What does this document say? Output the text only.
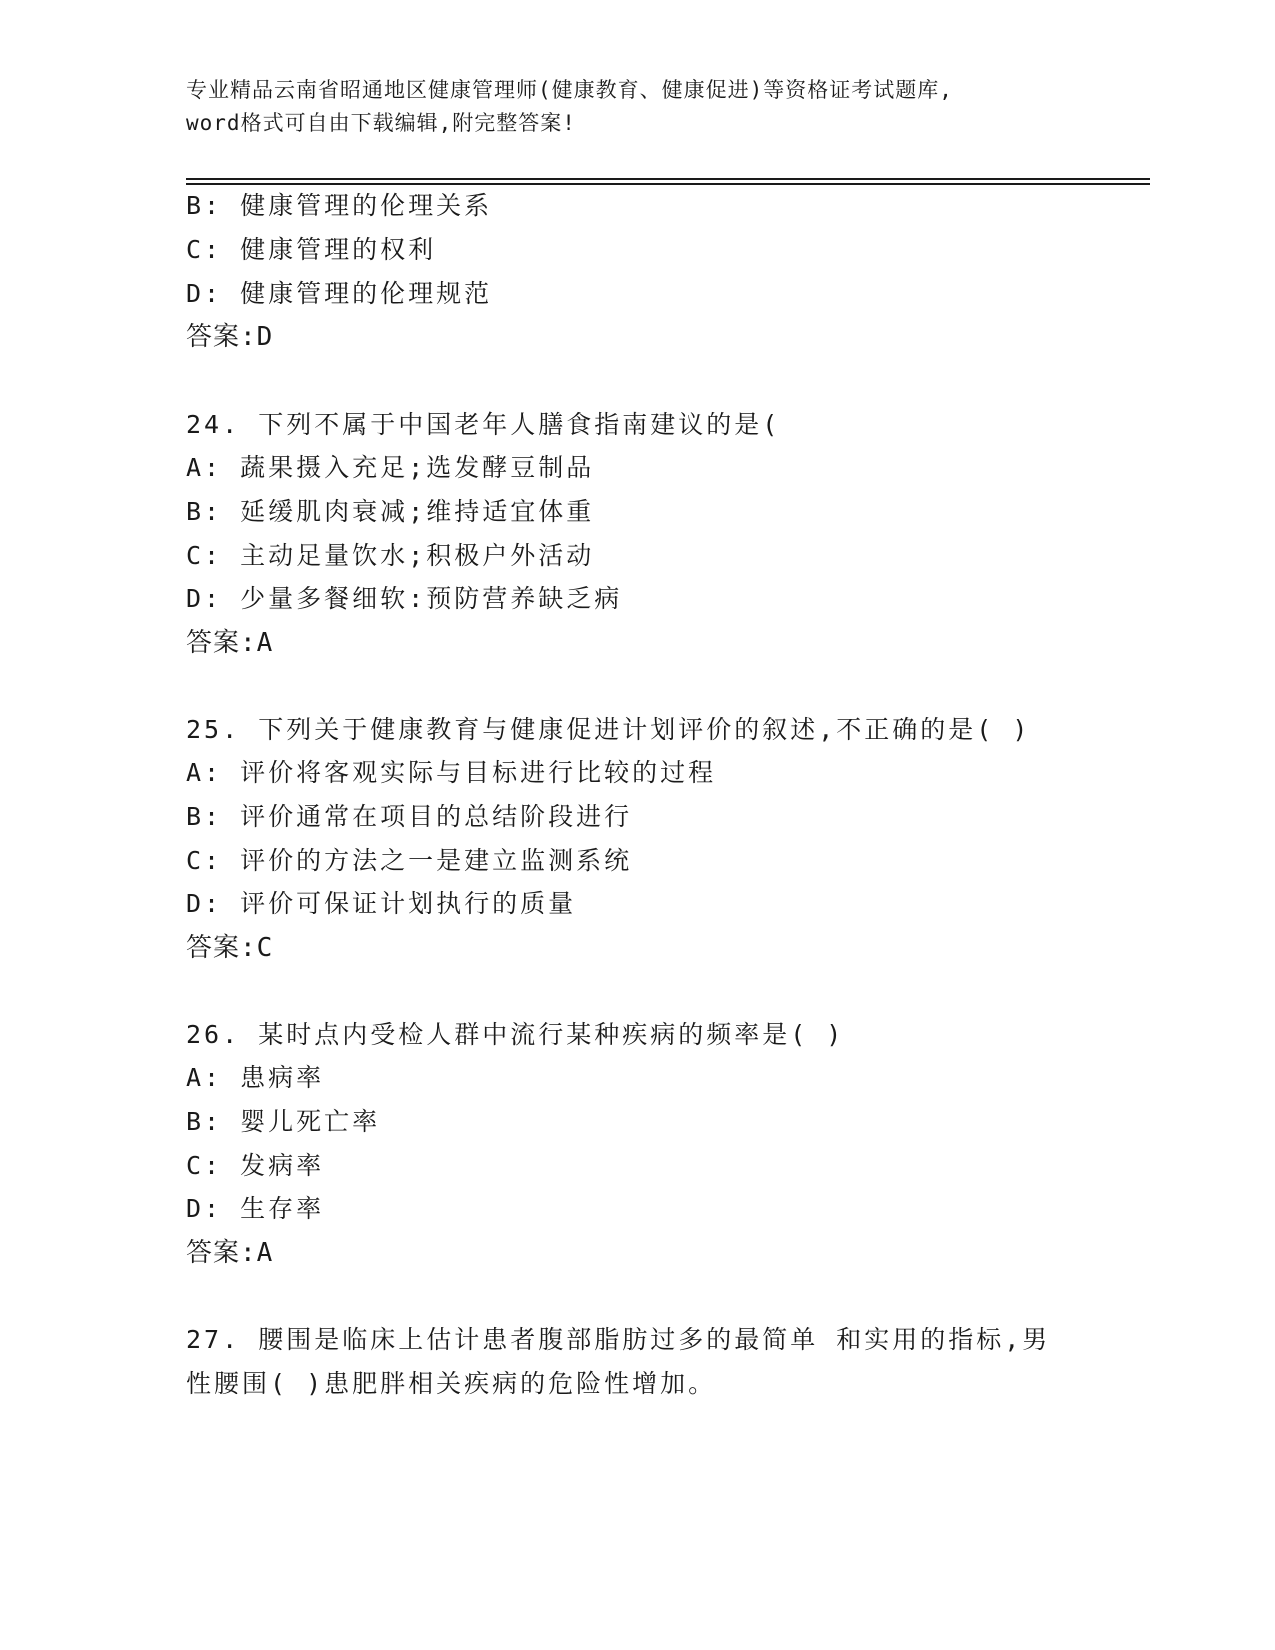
专业精品云南省昭通地区健康管理师(健康教育、健康促进)等资格证考试题库,
word格式可自由下载编辑,附完整答案!
B: 健康管理的伦理关系
C: 健康管理的权利
D: 健康管理的伦理规范
答案:D
24. 下列不属于中国老年人膳食指南建议的是(
A: 蔬果摄入充足;选发酵豆制品
B: 延缓肌肉衰减;维持适宜体重
C: 主动足量饮水;积极户外活动
D: 少量多餐细软:预防营养缺乏病
答案:A
25. 下列关于健康教育与健康促进计划评价的叙述,不正确的是( )
A: 评价将客观实际与目标进行比较的过程
B: 评价通常在项目的总结阶段进行
C: 评价的方法之一是建立监测系统
D: 评价可保证计划执行的质量
答案:C
26. 某时点内受检人群中流行某种疾病的频率是( )
A: 患病率
B: 婴儿死亡率
C: 发病率
D: 生存率
答案:A
27. 腰围是临床上估计患者腹部脂肪过多的最简单 和实用的指标,男
性腰围( )患肥胖相关疾病的危险性增加。
